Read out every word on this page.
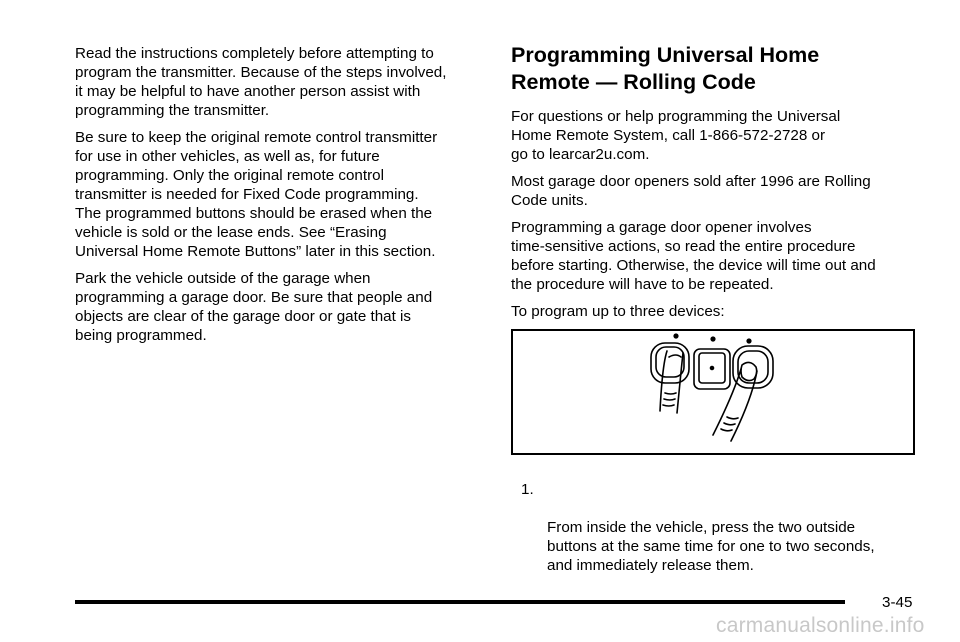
Read the instructions completely before attempting to
program the transmitter. Because of the steps involved,
it may be helpful to have another person assist with
programming the transmitter.

Be sure to keep the original remote control transmitter
for use in other vehicles, as well as, for future
programming. Only the original remote control
transmitter is needed for Fixed Code programming.
The programmed buttons should be erased when the
vehicle is sold or the lease ends. See “Erasing
Universal Home Remote Buttons” later in this section.

Park the vehicle outside of the garage when
programming a garage door. Be sure that people and
objects are clear of the garage door or gate that is
being programmed.

Programming Universal Home
Remote — Rolling Code

For questions or help programming the Universal
Home Remote System, call 1-866-572-2728 or
go to learcar2u.com.

Most garage door openers sold after 1996 are Rolling
Code units.

Programming a garage door opener involves
time-sensitive actions, so read the entire procedure
before starting. Otherwise, the device will time out and
the procedure will have to be repeated.

To program up to three devices:

1.

From inside the vehicle, press the two outside
buttons at the same time for one to two seconds,
and immediately release them.

3-45
carmanualsonline.info
